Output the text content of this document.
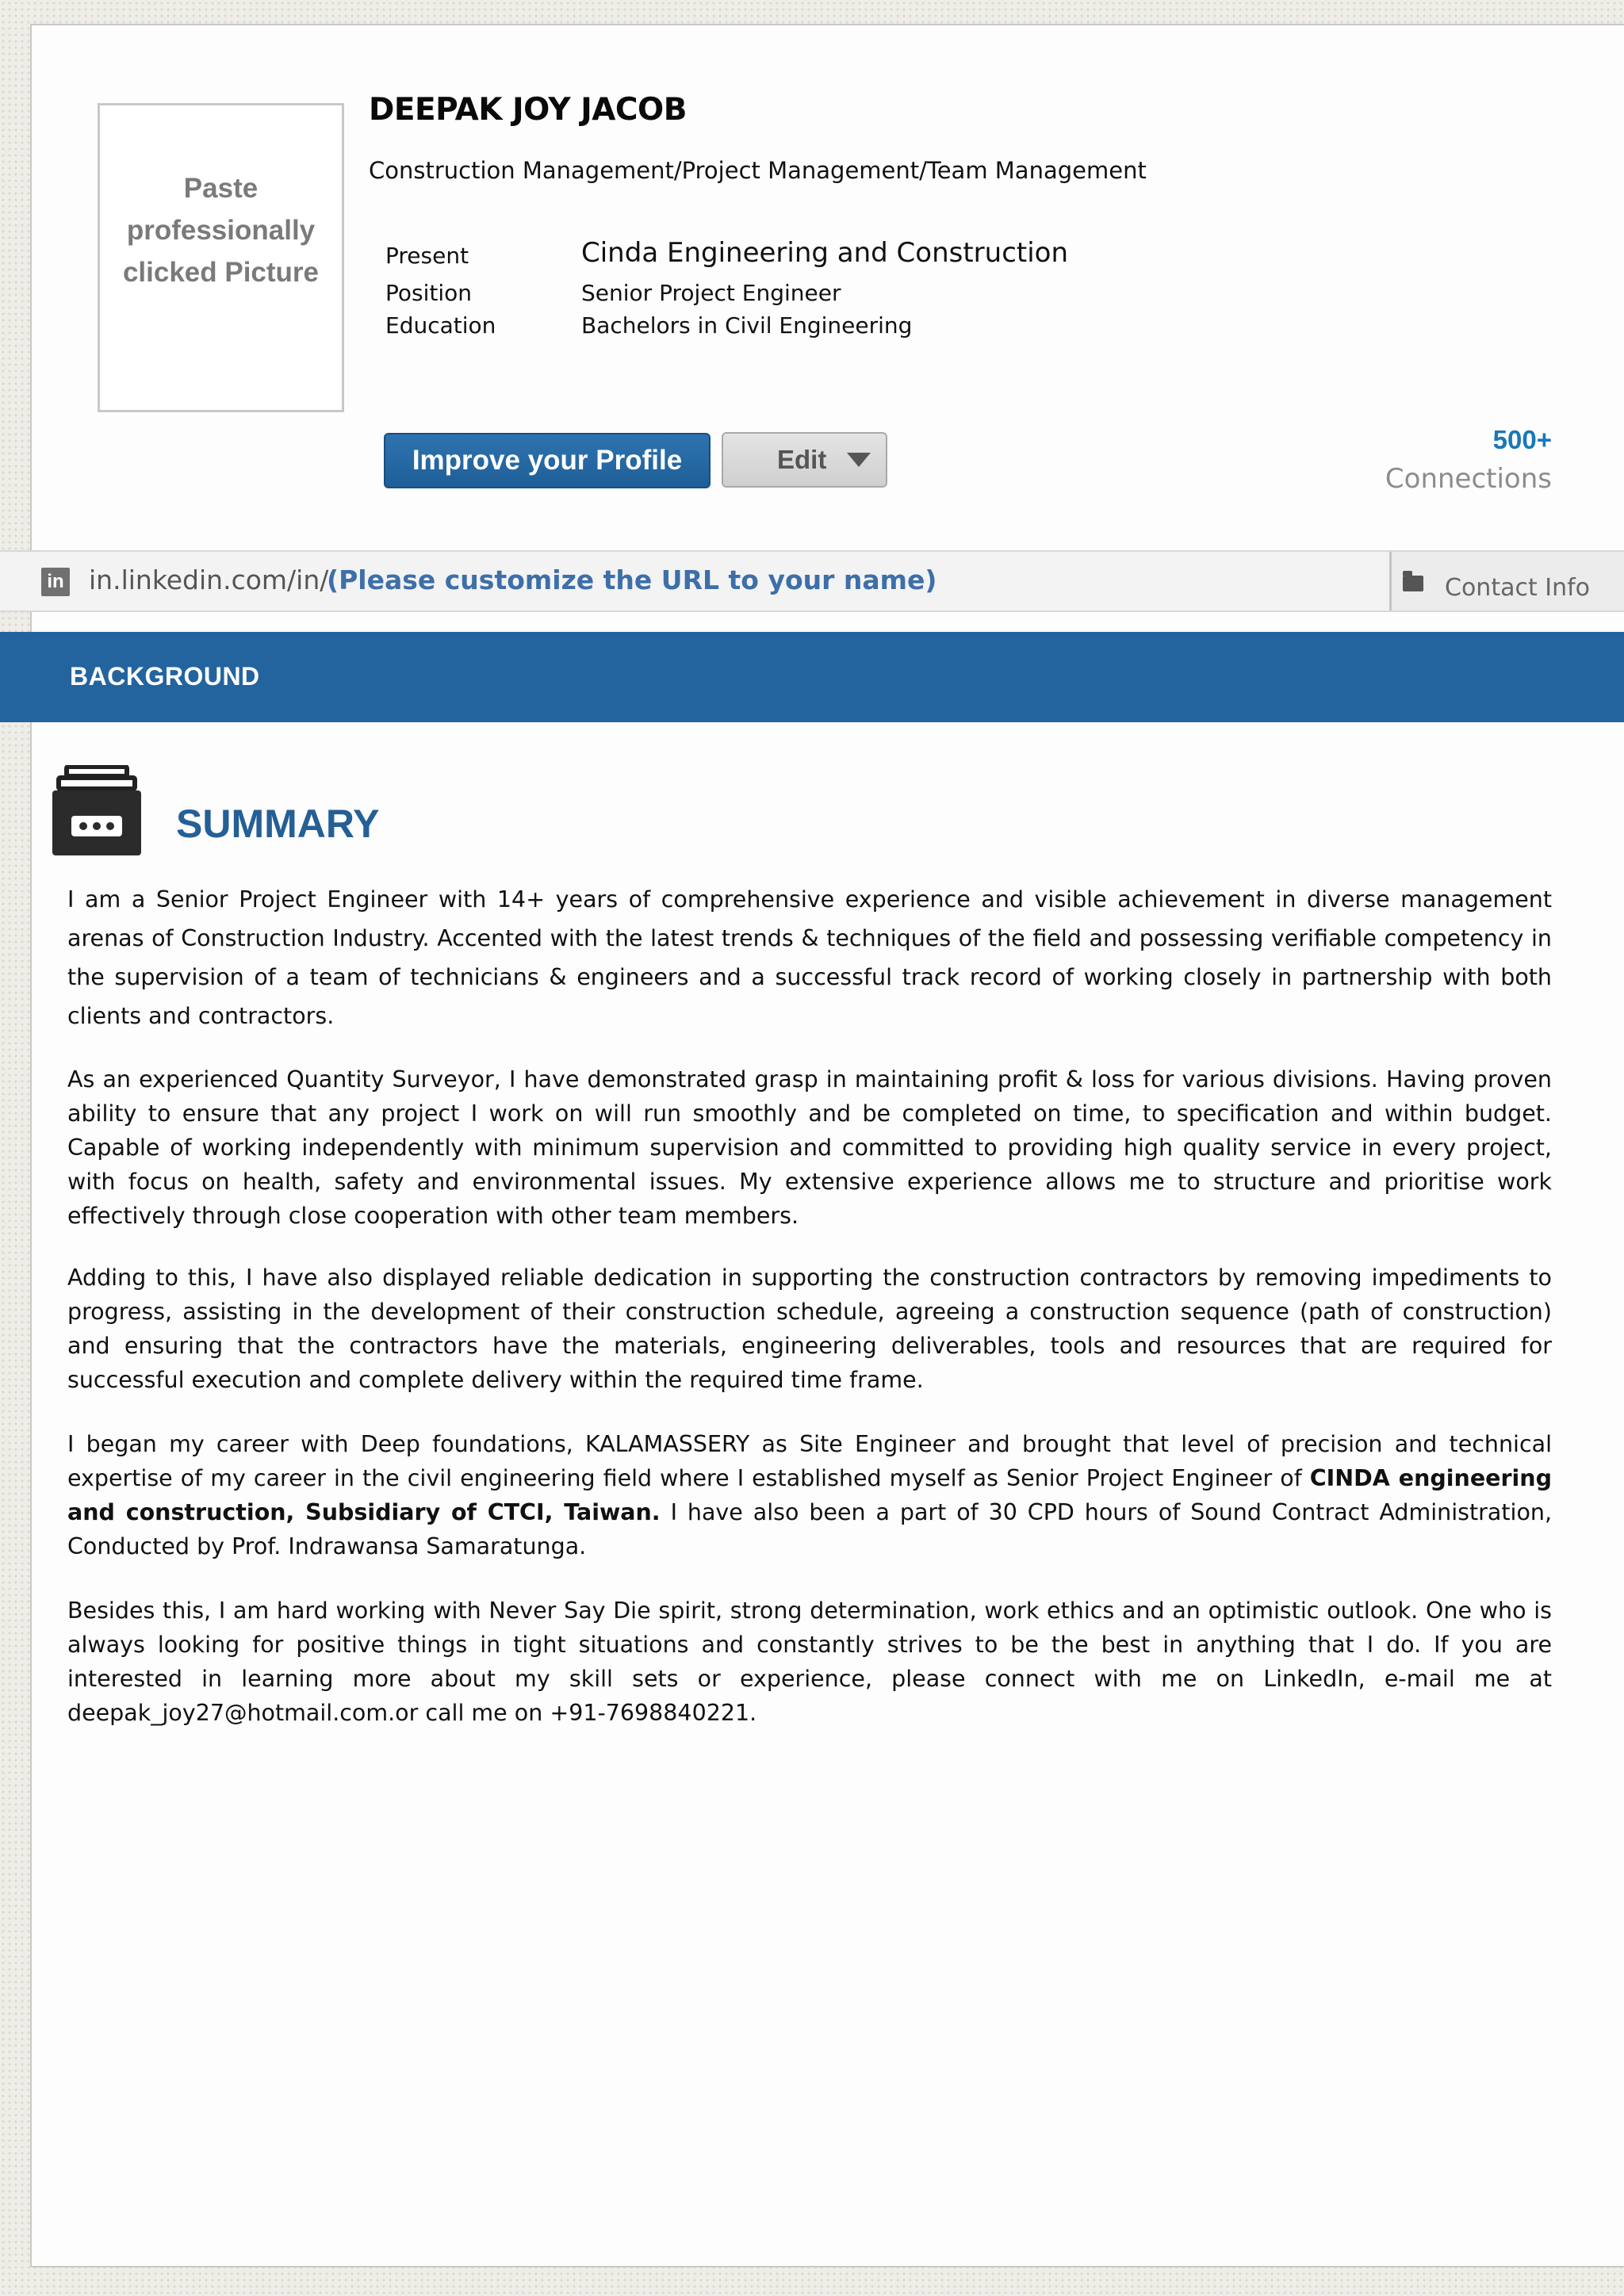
Paste professionally clicked Picture
DEEPAK JOY JACOB
Construction Management/Project Management/Team Management
Present	Cinda Engineering and Construction
Position	Senior Project Engineer
Education	Bachelors in Civil Engineering
Improve your Profile	Edit
500+
Connections
in in.linkedin.com/in/
(Please customize the URL to your name)	Contact Info
BACKGROUND
SUMMARY

I am a Senior Project Engineer with 14+ years of comprehensive experience and visible achievement in diverse management arenas of Construction Industry. Accented with the latest trends & techniques of the field and possessing verifiable competency in the supervision of a team of technicians & engineers and a successful track record of working closely in partnership with both clients and contractors.

As an experienced Quantity Surveyor, I have demonstrated grasp in maintaining profit & loss for various divisions. Having proven ability to ensure that any project I work on will run smoothly and be completed on time, to specification and within budget. Capable of working independently with minimum supervision and committed to providing high quality service in every project, with focus on health, safety and environmental issues. My extensive experience allows me to structure and prioritise work effectively through close cooperation with other team members.

Adding to this, I have also displayed reliable dedication in supporting the construction contractors by removing impediments to progress, assisting in the development of their construction schedule, agreeing a construction sequence (path of construction) and ensuring that the contractors have the materials, engineering deliverables, tools and resources that are required for successful execution and complete delivery within the required time frame.

I began my career with Deep foundations, KALAMASSERY as Site Engineer and brought that level of precision and technical expertise of my career in the civil engineering field where I established myself as Senior Project Engineer of CINDA engineering and construction, Subsidiary of CTCI, Taiwan. I have also been a part of 30 CPD hours of Sound Contract Administration, Conducted by Prof. Indrawansa Samaratunga.

Besides this, I am hard working with Never Say Die spirit, strong determination, work ethics and an optimistic outlook. One who is always looking for positive things in tight situations and constantly strives to be the best in anything that I do. If you are interested in learning more about my skill sets or experience, please connect with me on LinkedIn, e-mail me at deepak_joy27@hotmail.com.or call me on +91-7698840221.
